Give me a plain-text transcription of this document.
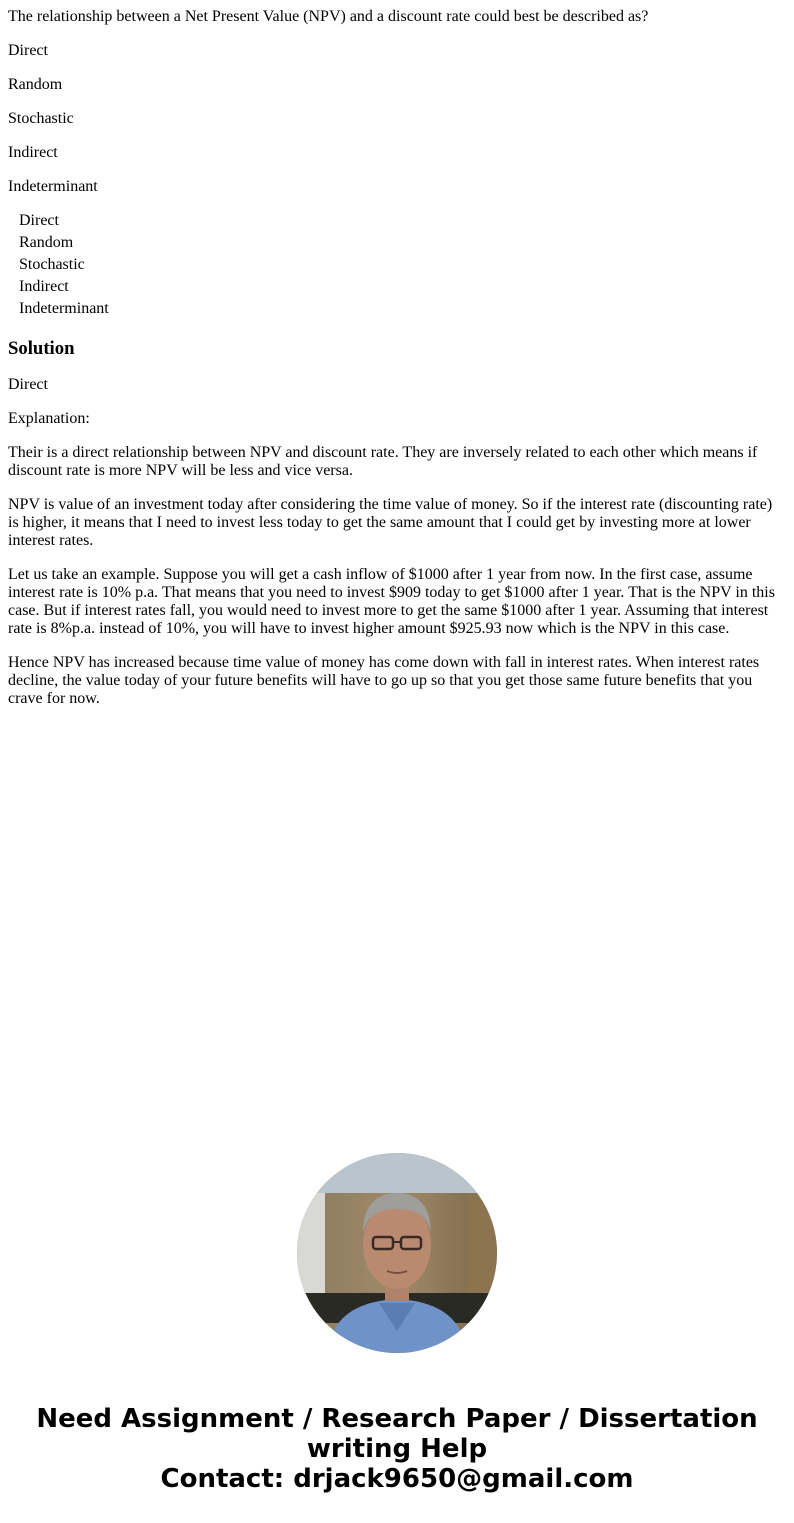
The relationship between a Net Present Value (NPV) and a discount rate could best be described as?

Direct

Random

Stochastic

Indirect

Indeterminant

Direct
Random
Stochastic
Indirect
Indeterminant
Solution

Direct

Explanation:

Their is a direct relationship between NPV and discount rate. They are inversely related to each other which means if discount rate is more NPV will be less and vice versa.

NPV is value of an investment today after considering the time value of money. So if the interest rate (discounting rate) is higher, it means that I need to invest less today to get the same amount that I could get by investing more at lower interest rates.

Let us take an example. Suppose you will get a cash inflow of $1000 after 1 year from now. In the first case, assume interest rate is 10% p.a. That means that you need to invest $909 today to get $1000 after 1 year. That is the NPV in this case. But if interest rates fall, you would need to invest more to get the same $1000 after 1 year. Assuming that interest rate is 8%p.a. instead of 10%, you will have to invest higher amount $925.93 now which is the NPV in this case.

Hence NPV has increased because time value of money has come down with fall in interest rates. When interest rates decline, the value today of your future benefits will have to go up so that you get those same future benefits that you crave for now.

Need Assignment / Research Paper / Dissertation writing Help
Contact: drjack9650@gmail.com
